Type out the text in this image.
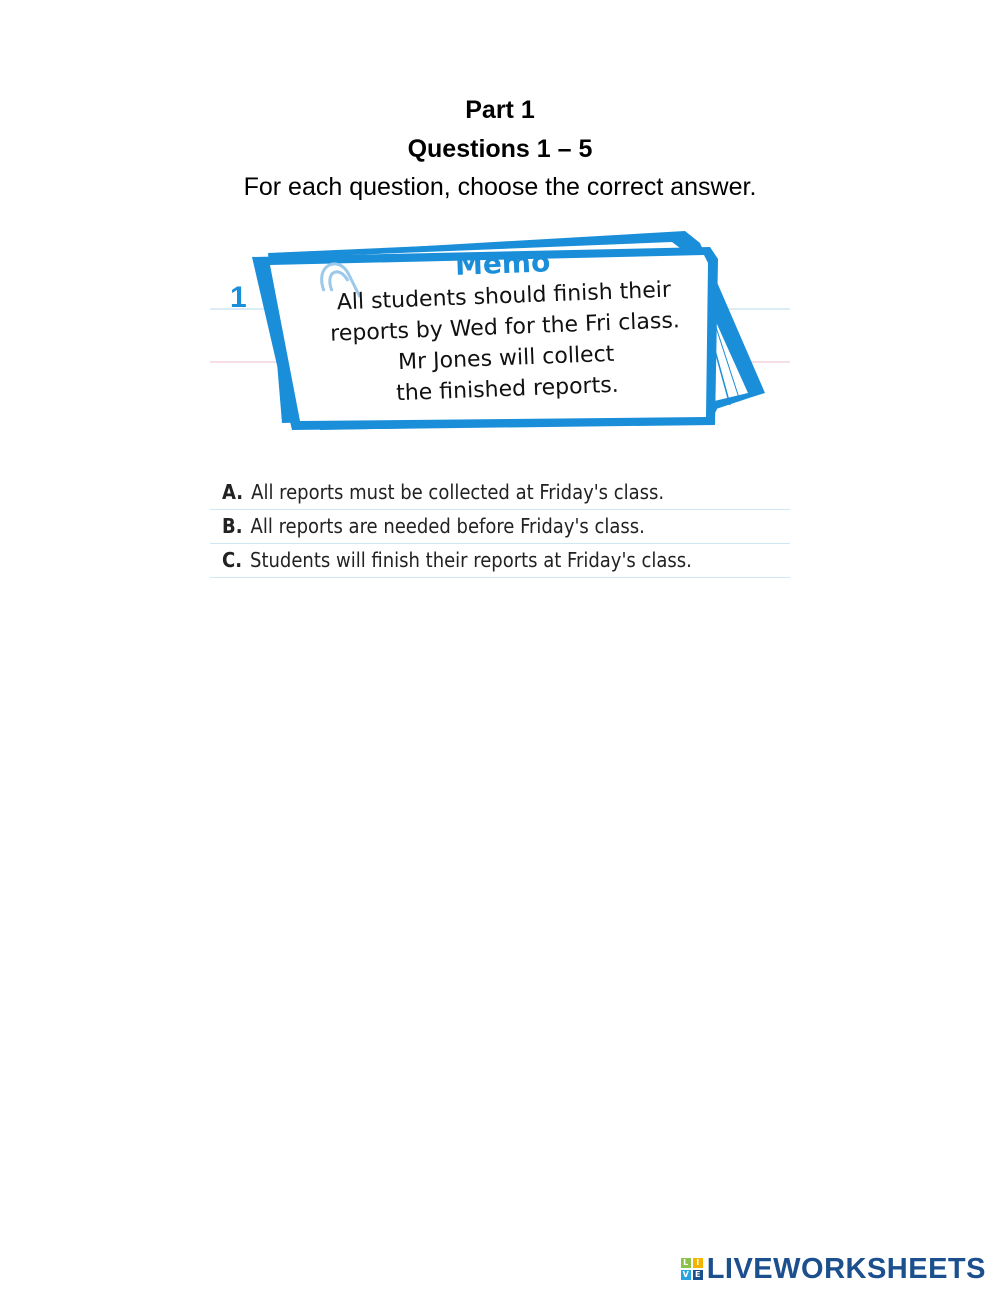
Part 1
Questions 1 – 5
For each question, choose the correct answer.
1
Memo
All students should finish their
reports by Wed for the Fri class.
Mr Jones will collect
the finished reports.
A. All reports must be collected at Friday's class.
B. All reports are needed before Friday's class.
C. Students will finish their reports at Friday's class.
L I
V E LIVEWORKSHEETS
